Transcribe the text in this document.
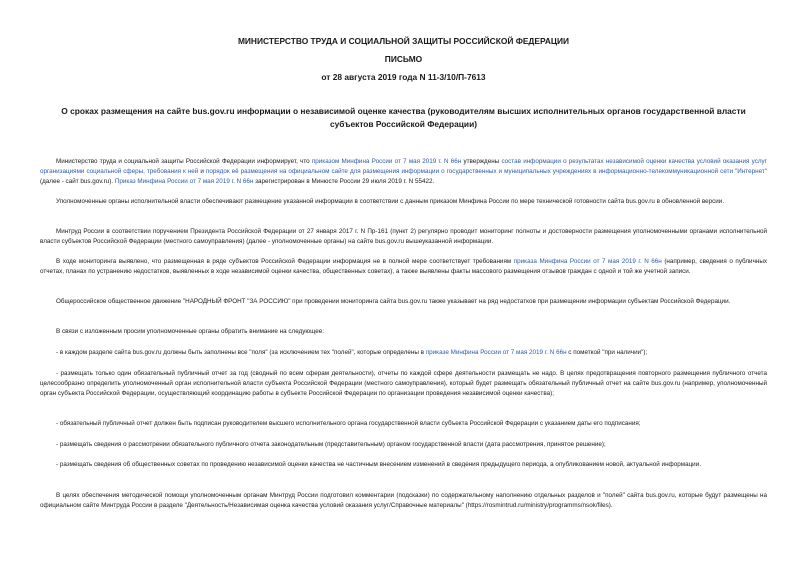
МИНИСТЕРСТВО ТРУДА И СОЦИАЛЬНОЙ ЗАЩИТЫ РОССИЙСКОЙ ФЕДЕРАЦИИ
ПИСЬМО
от 28 августа 2019 года N 11-3/10/П-7613
О сроках размещения на сайте bus.gov.ru информации о независимой оценке качества (руководителям высших исполнительных органов государственной власти субъектов Российской Федерации)

Министерство труда и социальной защиты Российской Федерации информирует, что приказом Минфина России от 7 мая 2019 г. N 66н утверждены состав информации о результатах независимой оценки качества условий оказания услуг организациями социальной сферы, требования к ней и порядок её размещения на официальном сайте для размещения информации о государственных и муниципальных учреждениях в информационно-телекоммуникационной сети "Интернет" (далее - сайт bus.gov.ru). Приказ Минфина России от 7 мая 2019 г. N 66н зарегистрирован в Минюсте России 29 июля 2019 г. N 55422.

Уполномоченные органы исполнительной власти обеспечивают размещение указанной информации в соответствии с данным приказом Минфина России по мере технической готовности сайта bus.gov.ru в обновленной версии.

Минтруд России в соответствии поручением Президента Российской Федерации от 27 января 2017 г. N Пр-161 (пункт 2) регулярно проводит мониторинг полноты и достоверности размещения уполномоченными органами исполнительной власти субъектов Российской Федерации (местного самоуправления) (далее - уполномоченные органы) на сайте bus.gov.ru вышеуказанной информации.

В ходе мониторинга выявлено, что размещенная в ряде субъектов Российской Федерации информация не в полной мере соответствует требованиям приказа Минфина России от 7 мая 2019 г. N 66н (например, сведения о публичных отчетах, планах по устранению недостатков, выявленных в ходе независимой оценки качества, общественных советах), а также выявлены факты массового размещения отзывов граждан с одной и той же учетной записи.

Общероссийское общественное движение "НАРОДНЫЙ ФРОНТ "ЗА РОССИЮ" при проведении мониторинга сайта bus.gov.ru также указывает на ряд недостатков при размещении информации субъектам Российской Федерации.

В связи с изложенным просим уполномоченные органы обратить внимание на следующее:

- в каждом разделе сайта bus.gov.ru должны быть заполнены все "поля" (за исключением тех "полей", которые определены в приказе Минфина России от 7 мая 2019 г. N 66н с пометкой "при наличии");

- размещать только один обязательный публичный отчет за год (сводный по всем сферам деятельности), отчеты по каждой сфере деятельности размещать не надо. В целях предотвращения повторного размещения публичного отчета целесообразно определить уполномоченный орган исполнительной власти субъекта Российской Федерации (местного самоуправления), который будет размещать обязательный публичный отчет на сайте bus.gov.ru (например, уполномоченный орган субъекта Российской Федерации, осуществляющий координацию работы в субъекте Российской Федерации по организации проведения независимой оценки качества);

- обязательный публичный отчет должен быть подписан руководителем высшего исполнительного органа государственной власти субъекта Российской Федерации с указанием даты его подписания;

- размещать сведения о рассмотрении обязательного публичного отчета законодательным (представительным) органом государственной власти (дата рассмотрения, принятое решение);

- размещать сведения об общественных советах по проведению независимой оценки качества не частичным внесением изменений в сведения предыдущего периода, а опубликованием новой, актуальной информации.

В целях обеспечения методической помощи уполномоченным органам Минтруд России подготовил комментарии (подсказки) по содержательному наполнению отдельных разделов и "полей" сайта bus.gov.ru, которые будут размещены на официальном сайте Минтруда России в разделе "Деятельность/Независимая оценка качества условий оказания услуг/Справочные материалы" (https://rosmintrud.ru/ministry/programms/nsok/files).
